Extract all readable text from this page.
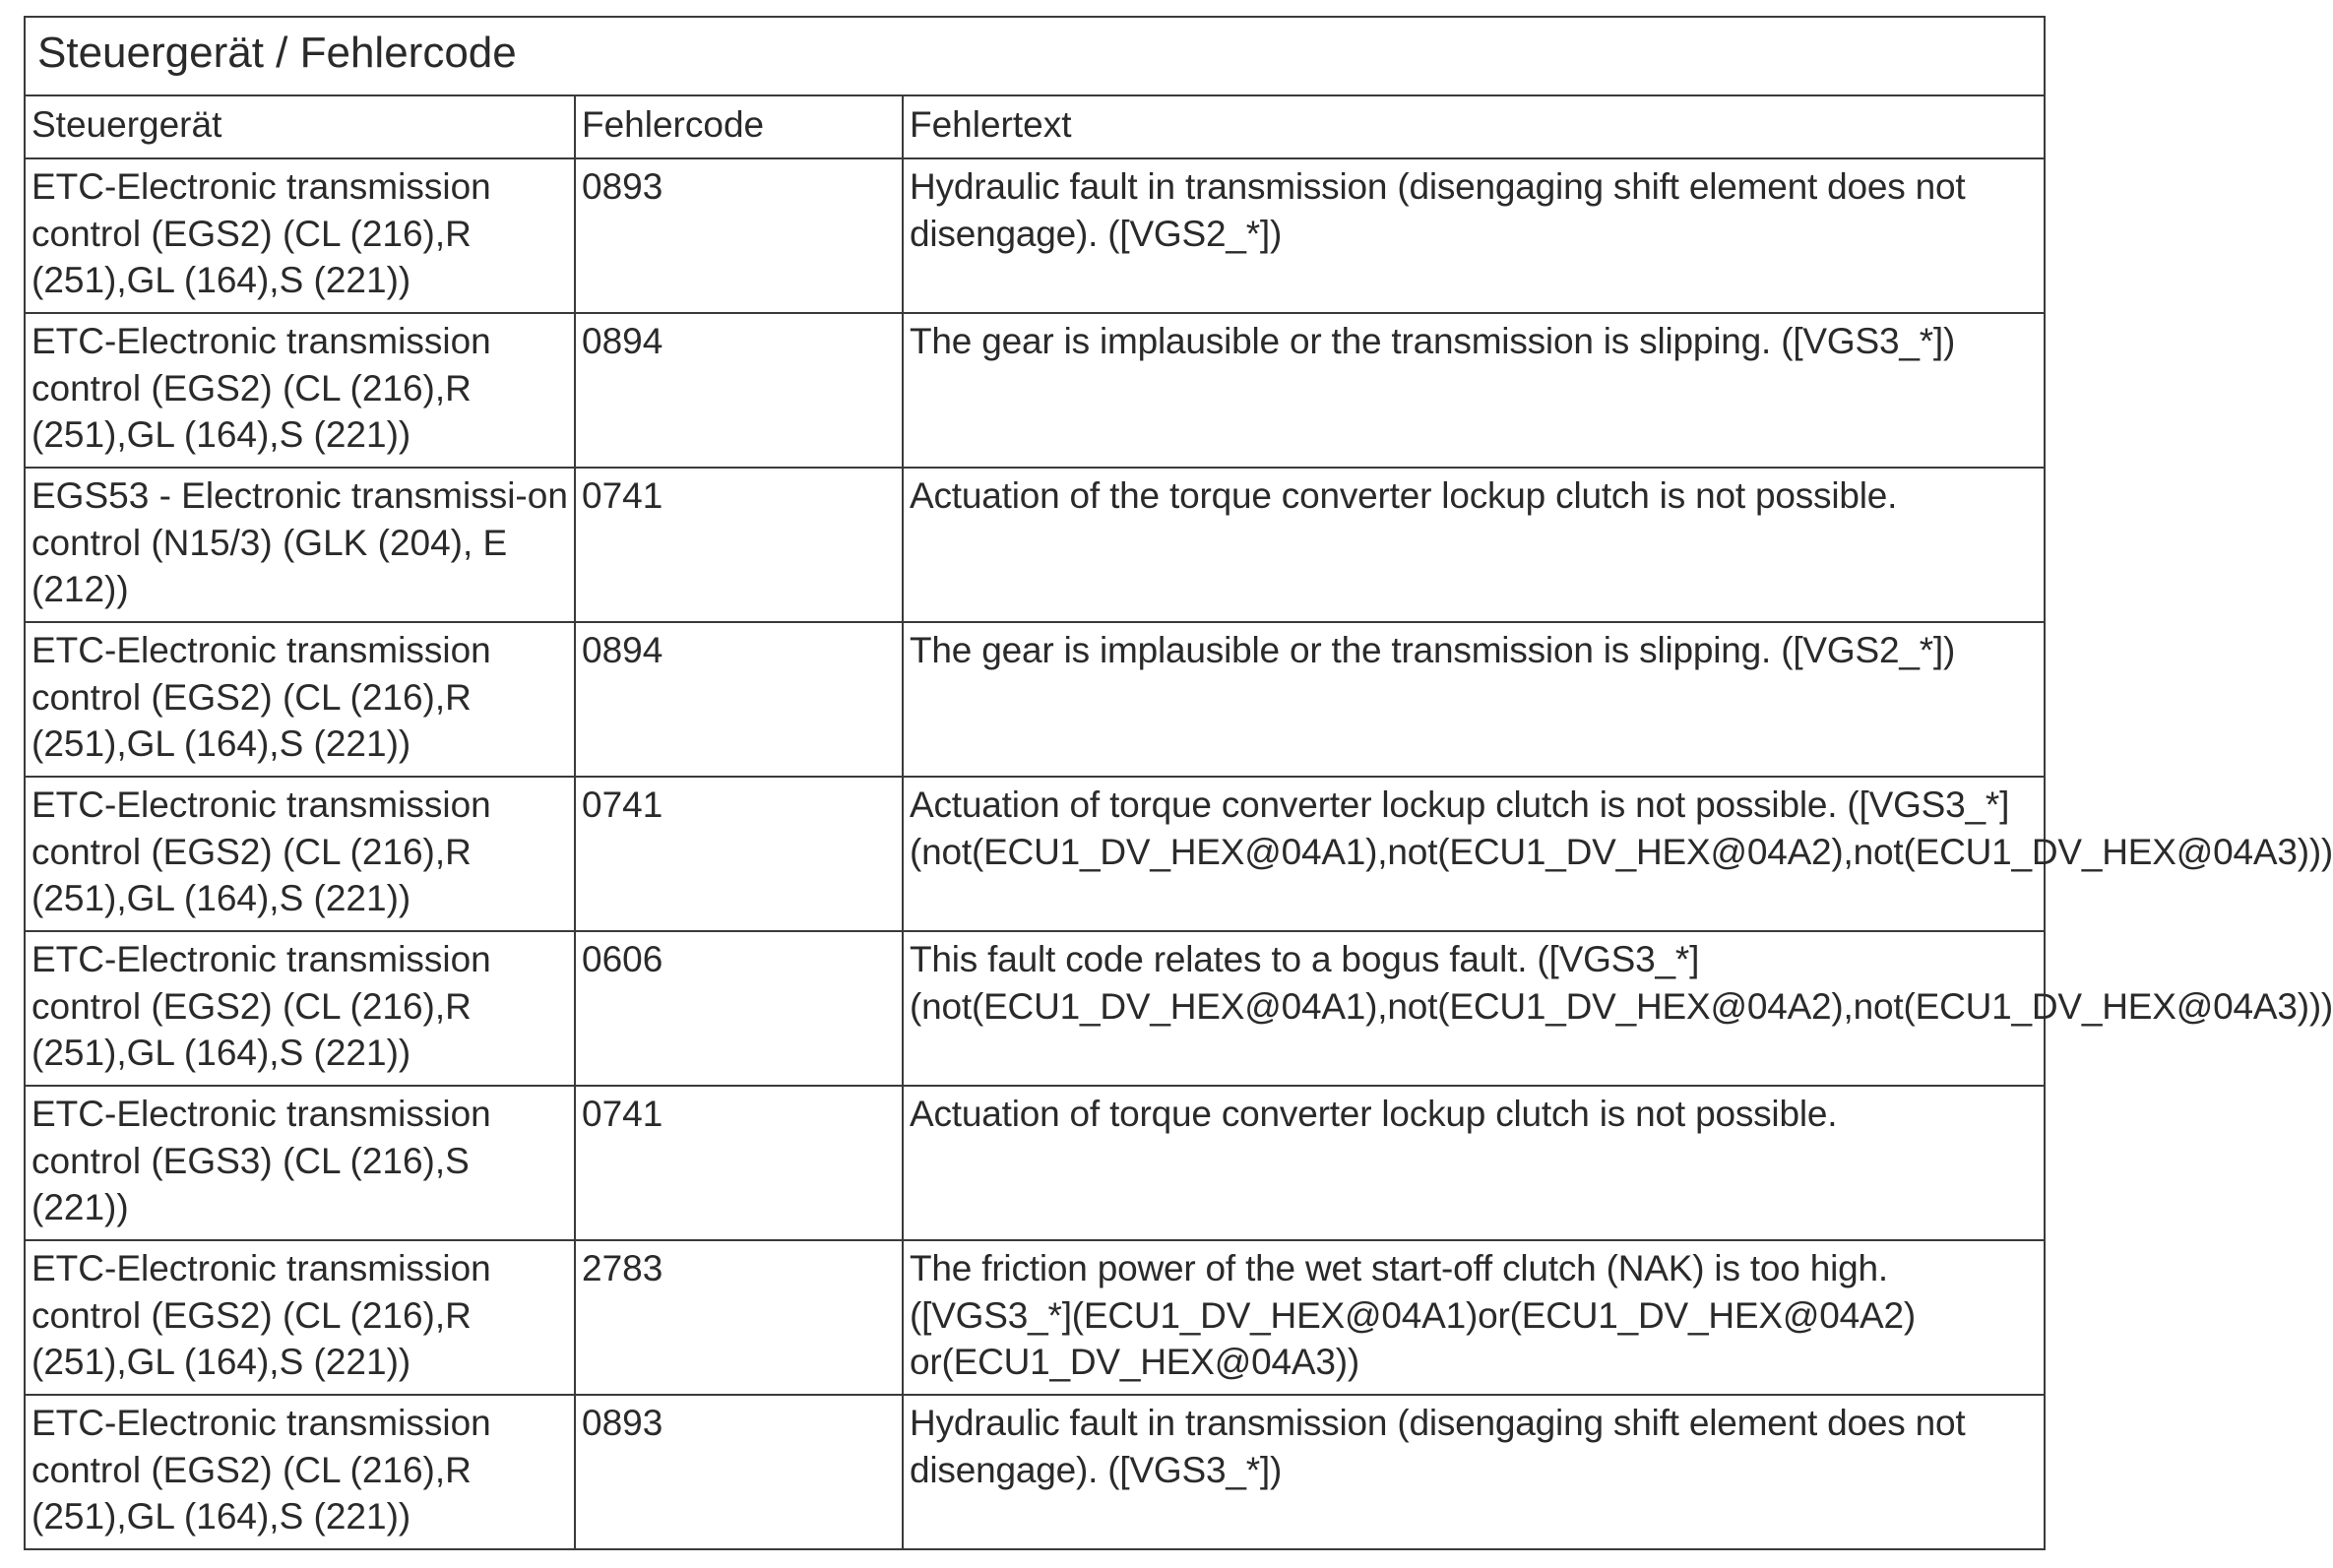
Steuergerät / Fehlercode		
Steuergerät	Fehlercode	Fehlertext
ETC-Electronic transmission control (EGS2) (CL (216),R (251),GL (164),S (221))	0893	Hydraulic fault in transmission (disengaging shift element does not disengage). ([VGS2_*])
ETC-Electronic transmission control (EGS2) (CL (216),R (251),GL (164),S (221))	0894	The gear is implausible or the transmission is slipping. ([VGS3_*])
EGS53 - Electronic transmissi-on control (N15/3) (GLK (204), E (212))	0741	Actuation of the torque converter lockup clutch is not possible.
ETC-Electronic transmission control (EGS2) (CL (216),R (251),GL (164),S (221))	0894	The gear is implausible or the transmission is slipping. ([VGS2_*])
ETC-Electronic transmission control (EGS2) (CL (216),R (251),GL (164),S (221))	0741	Actuation of torque converter lockup clutch is not possible. ([VGS3_*](not(ECU1_DV_HEX@04A1),not(ECU1_DV_HEX@04A2),not(ECU1_DV_HEX@04A3)))
ETC-Electronic transmission control (EGS2) (CL (216),R (251),GL (164),S (221))	0606	This fault code relates to a bogus fault. ([VGS3_*](not(ECU1_DV_HEX@04A1),not(ECU1_DV_HEX@04A2),not(ECU1_DV_HEX@04A3)))
ETC-Electronic transmission control (EGS3) (CL (216),S (221))	0741	Actuation of torque converter lockup clutch is not possible.
ETC-Electronic transmission control (EGS2) (CL (216),R (251),GL (164),S (221))	2783	The friction power of the wet start-off clutch (NAK) is too high. ([VGS3_*](ECU1_DV_HEX@04A1)or(ECU1_DV_HEX@04A2) or(ECU1_DV_HEX@04A3))
ETC-Electronic transmission control (EGS2) (CL (216),R (251),GL (164),S (221))	0893	Hydraulic fault in transmission (disengaging shift element does not disengage). ([VGS3_*])
